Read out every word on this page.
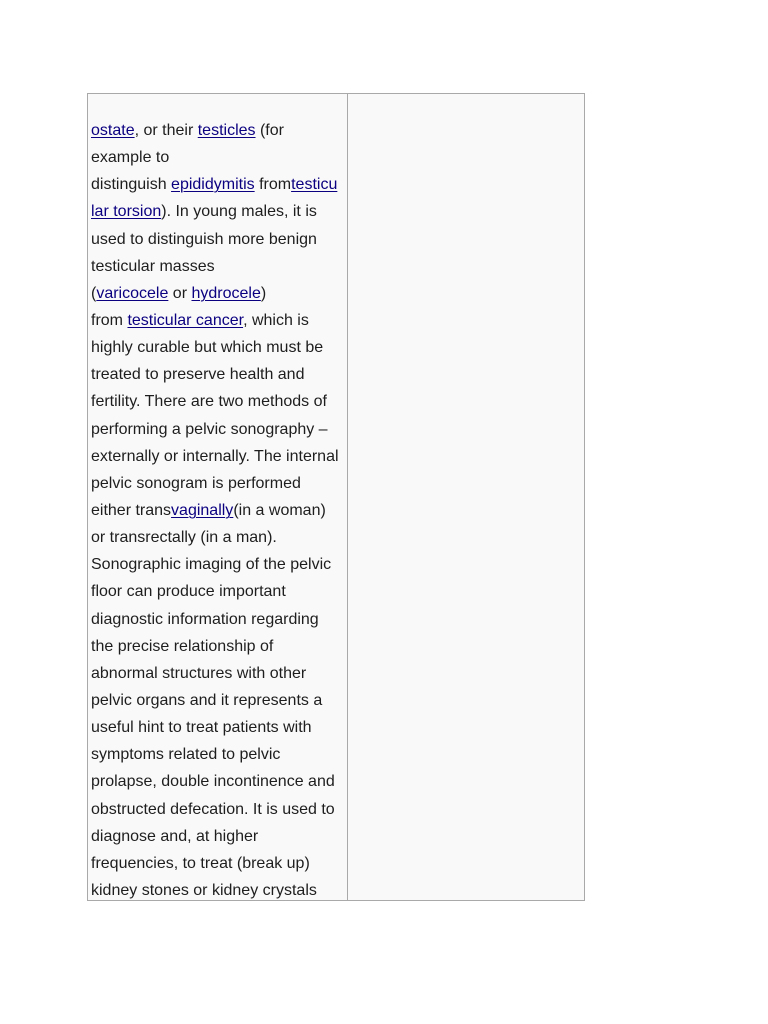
ostate, or their testicles (for
example to
distinguish epididymitis fromtesticu
lar torsion). In young males, it is
used to distinguish more benign
testicular masses
(varicocele or hydrocele)
from testicular cancer, which is
highly curable but which must be
treated to preserve health and
fertility. There are two methods of
performing a pelvic sonography –
externally or internally. The internal
pelvic sonogram is performed
either transvaginally(in a woman)
or transrectally (in a man).
Sonographic imaging of the pelvic
floor can produce important
diagnostic information regarding
the precise relationship of
abnormal structures with other
pelvic organs and it represents a
useful hint to treat patients with
symptoms related to pelvic
prolapse, double incontinence and
obstructed defecation. It is used to
diagnose and, at higher
frequencies, to treat (break up)
kidney stones or kidney crystals
